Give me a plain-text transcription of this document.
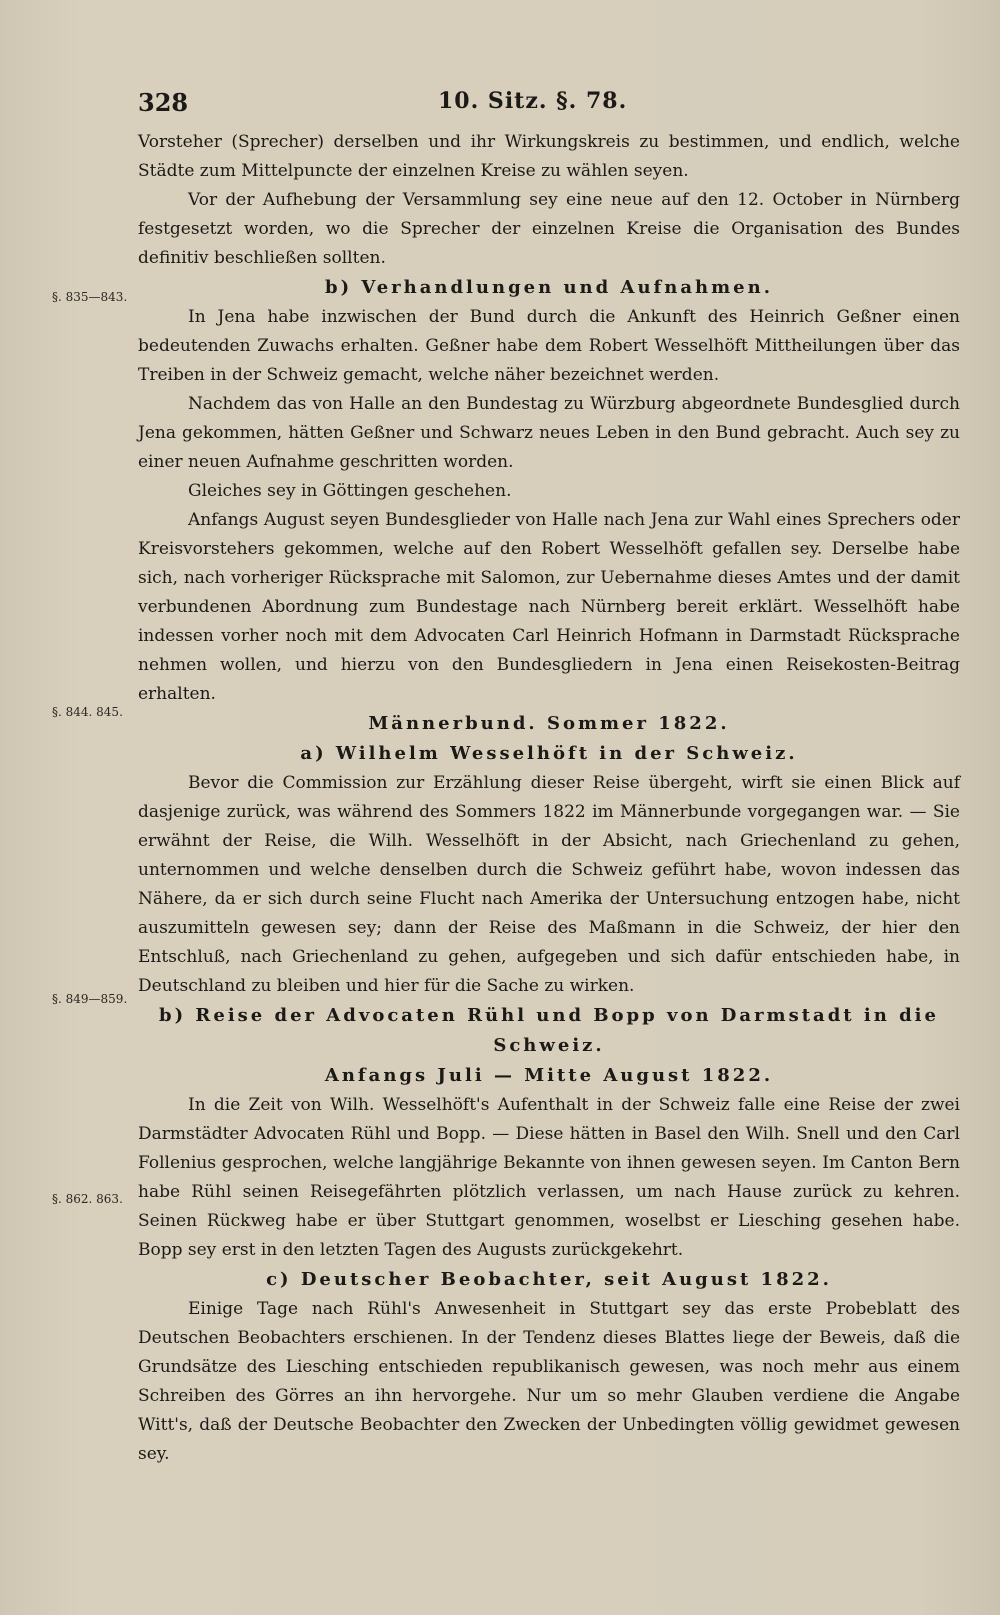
328	10. Sitz. §. 78.
§. 835—843.
§. 844. 845.
§. 849—859.
§. 862. 863.

Vorsteher (Sprecher) derselben und ihr Wirkungskreis zu bestimmen, und endlich, welche Städte zum Mittelpuncte der einzelnen Kreise zu wählen seyen.

Vor der Aufhebung der Versammlung sey eine neue auf den 12. October in Nürnberg festgesetzt worden, wo die Sprecher der einzelnen Kreise die Organisation des Bundes definitiv beschließen sollten.

b) Verhandlungen und Aufnahmen.

In Jena habe inzwischen der Bund durch die Ankunft des Heinrich Geßner einen bedeutenden Zuwachs erhalten. Geßner habe dem Robert Wesselhöft Mittheilungen über das Treiben in der Schweiz gemacht, welche näher bezeichnet werden.

Nachdem das von Halle an den Bundestag zu Würzburg abgeordnete Bundesglied durch Jena gekommen, hätten Geßner und Schwarz neues Leben in den Bund gebracht. Auch sey zu einer neuen Aufnahme geschritten worden.

Gleiches sey in Göttingen geschehen.

Anfangs August seyen Bundesglieder von Halle nach Jena zur Wahl eines Sprechers oder Kreisvorstehers gekommen, welche auf den Robert Wesselhöft gefallen sey. Derselbe habe sich, nach vorheriger Rücksprache mit Salomon, zur Uebernahme dieses Amtes und der damit verbundenen Abordnung zum Bundestage nach Nürnberg bereit erklärt. Wesselhöft habe indessen vorher noch mit dem Advocaten Carl Heinrich Hofmann in Darmstadt Rücksprache nehmen wollen, und hierzu von den Bundesgliedern in Jena einen Reisekosten-Beitrag erhalten.

Männerbund. Sommer 1822.

a) Wilhelm Wesselhöft in der Schweiz.

Bevor die Commission zur Erzählung dieser Reise übergeht, wirft sie einen Blick auf dasjenige zurück, was während des Sommers 1822 im Männerbunde vorgegangen war. — Sie erwähnt der Reise, die Wilh. Wesselhöft in der Absicht, nach Griechenland zu gehen, unternommen und welche denselben durch die Schweiz geführt habe, wovon indessen das Nähere, da er sich durch seine Flucht nach Amerika der Untersuchung entzogen habe, nicht auszumitteln gewesen sey; dann der Reise des Maßmann in die Schweiz, der hier den Entschluß, nach Griechenland zu gehen, aufgegeben und sich dafür entschieden habe, in Deutschland zu bleiben und hier für die Sache zu wirken.

b) Reise der Advocaten Rühl und Bopp von Darmstadt in die Schweiz.

Anfangs Juli — Mitte August 1822.

In die Zeit von Wilh. Wesselhöft's Aufenthalt in der Schweiz falle eine Reise der zwei Darmstädter Advocaten Rühl und Bopp. — Diese hätten in Basel den Wilh. Snell und den Carl Follenius gesprochen, welche langjährige Bekannte von ihnen gewesen seyen. Im Canton Bern habe Rühl seinen Reisegefährten plötzlich verlassen, um nach Hause zurück zu kehren. Seinen Rückweg habe er über Stuttgart genommen, woselbst er Liesching gesehen habe. Bopp sey erst in den letzten Tagen des Augusts zurückgekehrt.

c) Deutscher Beobachter, seit August 1822.

Einige Tage nach Rühl's Anwesenheit in Stuttgart sey das erste Probeblatt des Deutschen Beobachters erschienen. In der Tendenz dieses Blattes liege der Beweis, daß die Grundsätze des Liesching entschieden republikanisch gewesen, was noch mehr aus einem Schreiben des Görres an ihn hervorgehe. Nur um so mehr Glauben verdiene die Angabe Witt's, daß der Deutsche Beobachter den Zwecken der Unbedingten völlig gewidmet gewesen sey.
